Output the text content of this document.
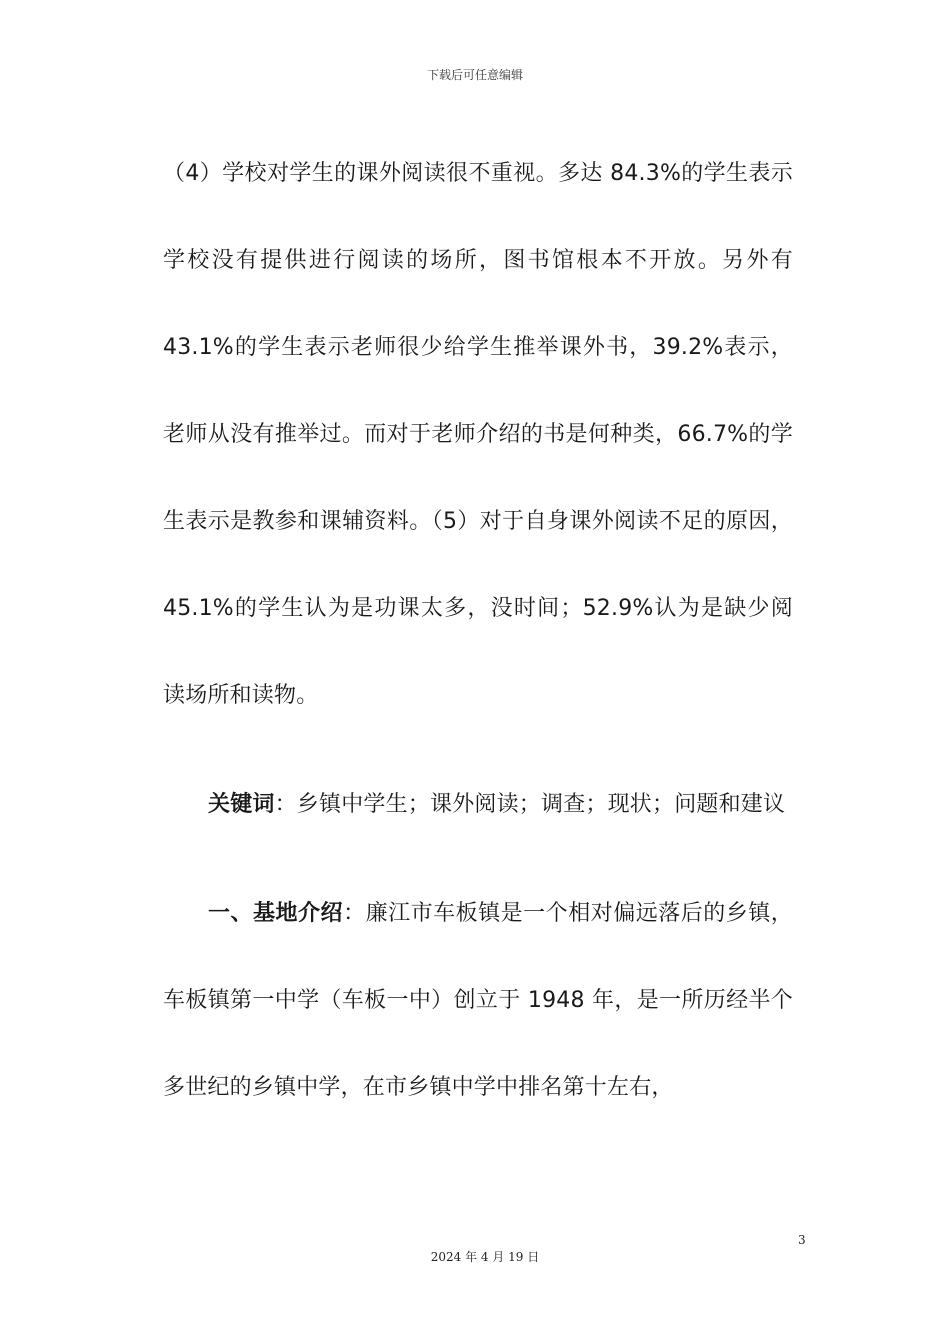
下载后可任意编辑

（4）学校对学生的课外阅读很不重视。多达 84.3%的学生表示学校没有提供进行阅读的场所，图书馆根本不开放。另外有 43.1%的学生表示老师很少给学生推举课外书，39.2%表示，老师从没有推举过。而对于老师介绍的书是何种类，66.7%的学生表示是教参和课辅资料。（5）对于自身课外阅读不足的原因，45.1%的学生认为是功课太多，没时间；52.9%认为是缺少阅读场所和读物。

关键词：乡镇中学生；课外阅读；调查；现状；问题和建议

一、基地介绍：廉江市车板镇是一个相对偏远落后的乡镇，车板镇第一中学（车板一中）创立于 1948 年，是一所历经半个多世纪的乡镇中学，在市乡镇中学中排名第十左右，

3
2024 年 4 月 19 日
